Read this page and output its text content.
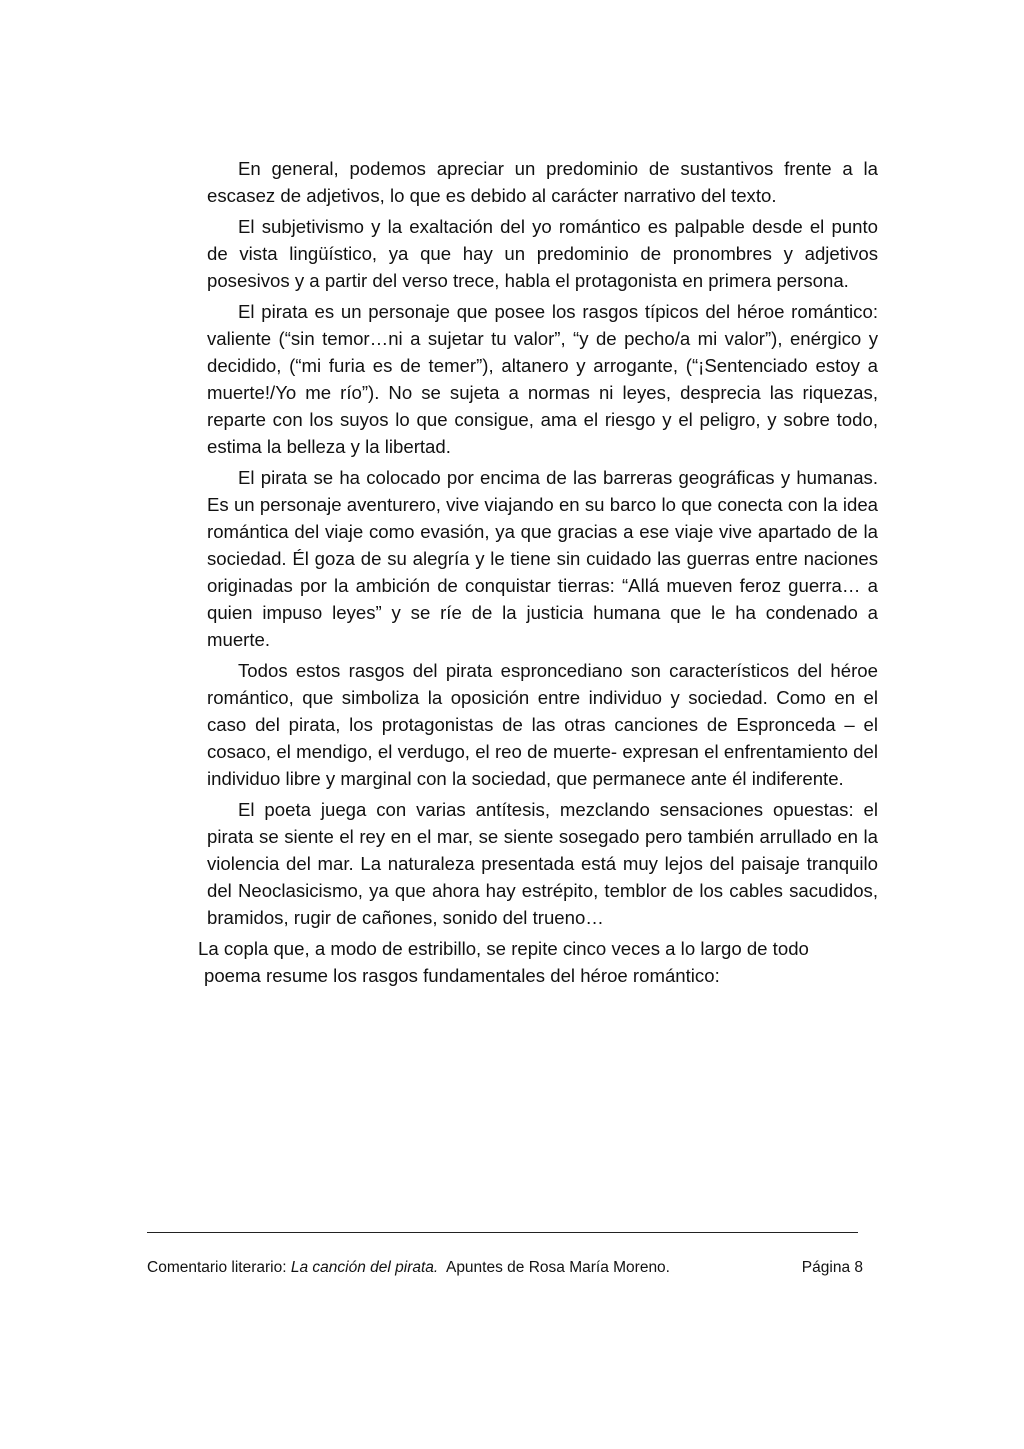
En general, podemos apreciar un predominio de sustantivos frente a la escasez de adjetivos, lo que es debido al carácter narrativo del texto.

El subjetivismo y la exaltación del yo romántico es palpable desde el punto de vista lingüístico, ya que hay un predominio de pronombres y adjetivos posesivos y a partir del verso trece, habla el protagonista en primera persona.

El pirata es un personaje que posee los rasgos típicos del héroe romántico: valiente (“sin temor…ni a sujetar tu valor”, “y de pecho/a mi valor”), enérgico y decidido, (“mi furia es de temer”), altanero y arrogante, (“¡Sentenciado estoy a muerte!/Yo me río”). No se sujeta a normas ni leyes, desprecia las riquezas, reparte con los suyos lo que consigue, ama el riesgo y el peligro, y sobre todo, estima la belleza y la libertad.

El pirata se ha colocado por encima de las barreras geográficas y humanas. Es un personaje aventurero, vive viajando en su barco lo que conecta con la idea romántica del viaje como evasión, ya que gracias a ese viaje vive apartado de la sociedad. Él goza de su alegría y le tiene sin cuidado las guerras entre naciones originadas por la ambición de conquistar tierras: “Allá mueven feroz guerra… a quien impuso leyes” y se ríe de la justicia humana que le ha condenado a muerte.

Todos estos rasgos del pirata esproncediano son característicos del héroe romántico, que simboliza la oposición entre individuo y sociedad. Como en el caso del pirata, los protagonistas de las otras canciones de Espronceda – el cosaco, el mendigo, el verdugo, el reo de muerte- expresan el enfrentamiento del individuo libre y marginal con la sociedad, que permanece ante él indiferente.

El poeta juega con varias antítesis, mezclando sensaciones opuestas: el pirata se siente el rey en el mar, se siente sosegado pero también arrullado en la violencia del mar. La naturaleza presentada está muy lejos del paisaje tranquilo del Neoclasicismo, ya que ahora hay estrépito, temblor de los cables sacudidos, bramidos, rugir de cañones, sonido del trueno…

La copla que, a modo de estribillo, se repite cinco veces a lo largo de todo
poema resume los rasgos fundamentales del héroe romántico:

Comentario literario: La canción del pirata.  Apuntes de Rosa María Moreno.	Página 8
